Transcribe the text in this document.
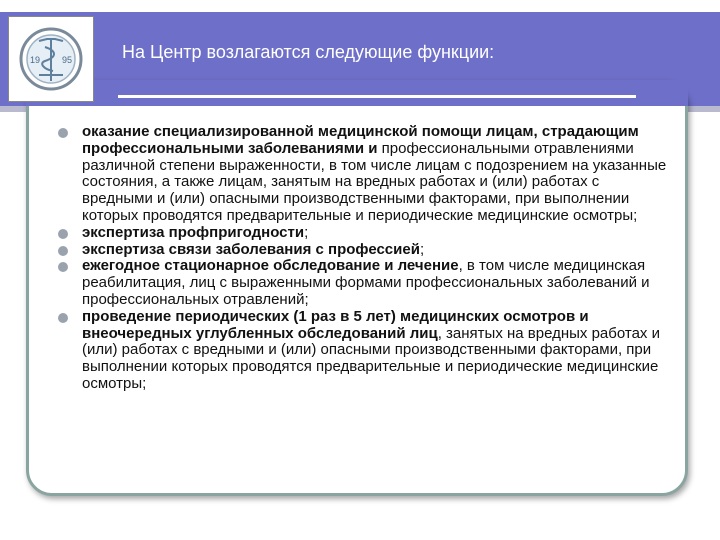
19 95	На Центр возлагаются следующие функции:
оказание специализированной медицинской помощи лицам, страдающим профессиональными заболеваниями и профессиональными отравлениями различной степени выраженности, в том числе лицам с подозрением на указанные состояния, а также лицам, занятым на вредных работах и (или) работах с вредными и (или) опасными производственными факторами, при выполнении которых проводятся предварительные и периодические медицинские осмотры;
экспертиза профпригодности;
экспертиза связи заболевания с профессией;
ежегодное стационарное обследование и лечение, в том числе медицинская реабилитация, лиц с выраженными формами профессиональных заболеваний и профессиональных отравлений;
проведение периодических (1 раз в 5 лет) медицинских осмотров и внеочередных углубленных обследований лиц, занятых на вредных работах и (или) работах с вредными и (или) опасными производственными факторами, при выполнении которых проводятся предварительные и периодические медицинские осмотры;
